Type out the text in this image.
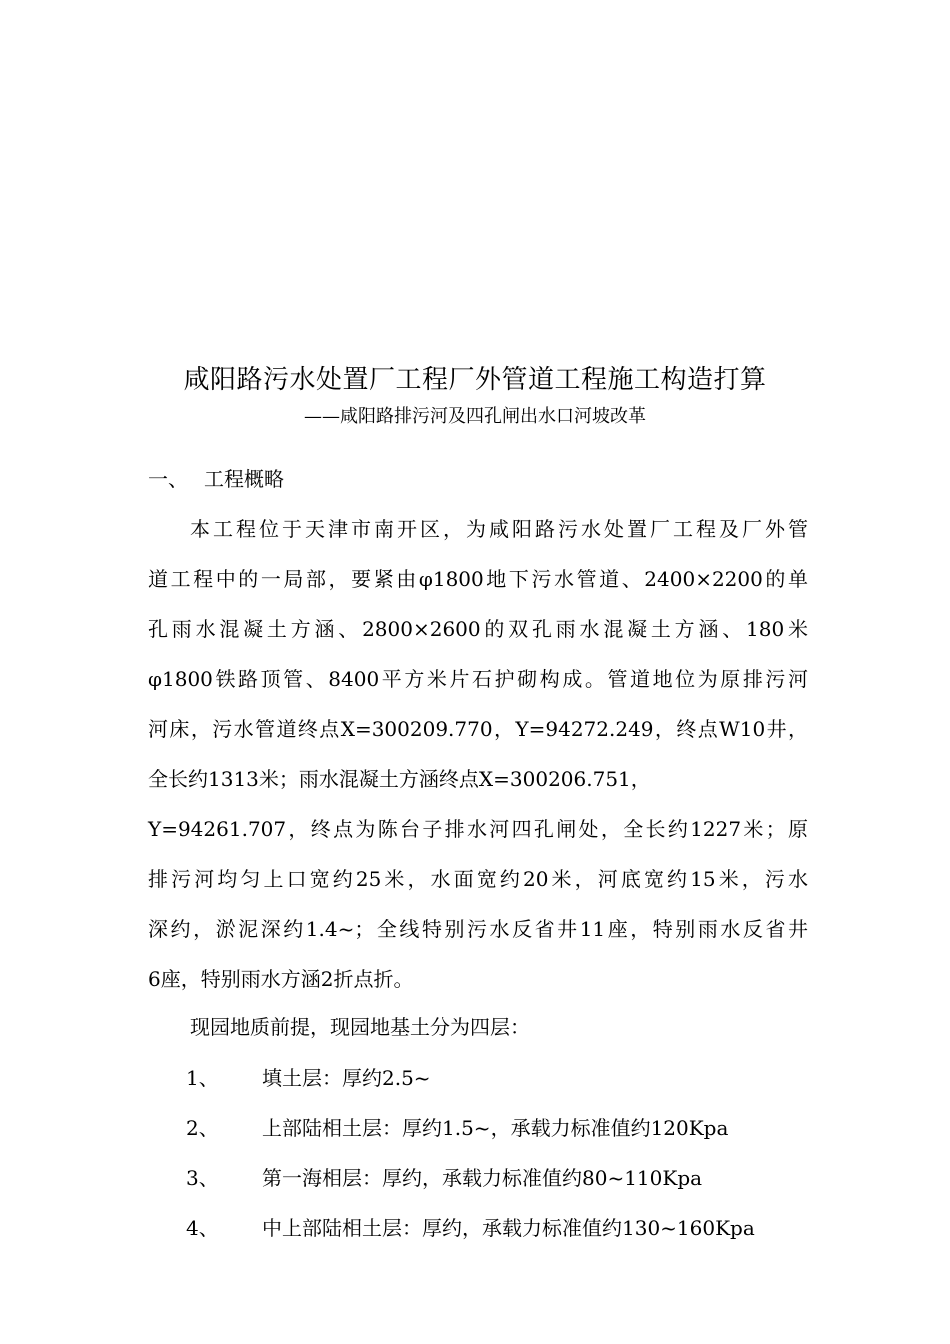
咸阳路污水处置厂工程厂外管道工程施工构造打算
——咸阳路排污河及四孔闸出水口河坡改革
一、 工程概略
本工程位于天津市南开区，为咸阳路污水处置厂工程及厂外管
道工程中的一局部，要紧由φ1800地下污水管道、2400×2200的单
孔雨水混凝土方涵、2800×2600的双孔雨水混凝土方涵、180米
φ1800铁路顶管、8400平方米片石护砌构成。管道地位为原排污河
河床，污水管道终点X=300209.770，Y=94272.249，终点W10井，
全长约1313米；雨水混凝土方涵终点X=300206.751，
Y=94261.707，终点为陈台子排水河四孔闸处，全长约1227米；原
排污河均匀上口宽约25米，水面宽约20米，河底宽约15米，污水
深约，淤泥深约1.4~；全线特别污水反省井11座，特别雨水反省井
6座，特别雨水方涵2折点折。
现园地质前提，现园地基土分为四层：
1、 填土层：厚约2.5~
2、 上部陆相土层：厚约1.5~，承载力标准值约120Kpa
3、 第一海相层：厚约，承载力标准值约80~110Kpa
4、 中上部陆相土层：厚约，承载力标准值约130~160Kpa
